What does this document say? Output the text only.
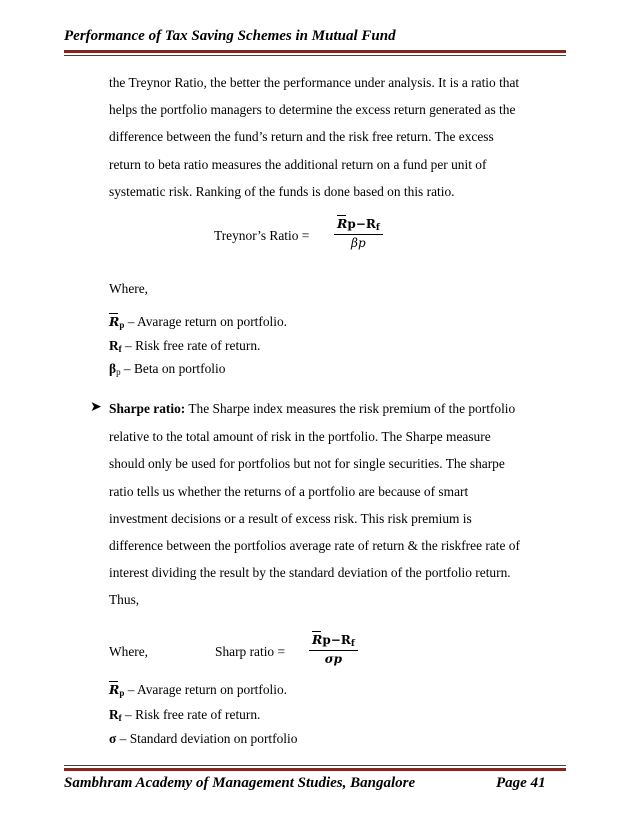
Performance of Tax Saving Schemes in Mutual Fund
the Treynor Ratio, the better the performance under analysis. It is a ratio that
helps the portfolio managers to determine the excess return generated as the
difference between the fund’s return and the risk free return. The excess
return to beta ratio measures the additional return on a fund per unit of
systematic risk. Ranking of the funds is done based on this ratio.
Treynor’s Ratio = $\frac{Rp-R_f}{\beta p}$
Where,
$R_p$ – Avarage return on portfolio.
$R_f$ – Risk free rate of return.
$\beta_p$ – Beta on portfolio
➤ Sharpe ratio: The Sharpe index measures the risk premium of the portfolio
relative to the total amount of risk in the portfolio. The Sharpe measure
should only be used for portfolios but not for single securities. The sharpe
ratio tells us whether the returns of a portfolio are because of smart
investment decisions or a result of excess risk. This risk premium is
difference between the portfolios average rate of return & the riskfree rate of
interest dividing the result by the standard deviation of the portfolio return.
Thus,
Where,	Sharp ratio = $\frac{Rp-R_f}{\sigma p}$
$R_p$ – Avarage return on portfolio.
$R_f$ – Risk free rate of return.
σ – Standard deviation on portfolio
Sambhram Academy of Management Studies, Bangalore	Page 41
